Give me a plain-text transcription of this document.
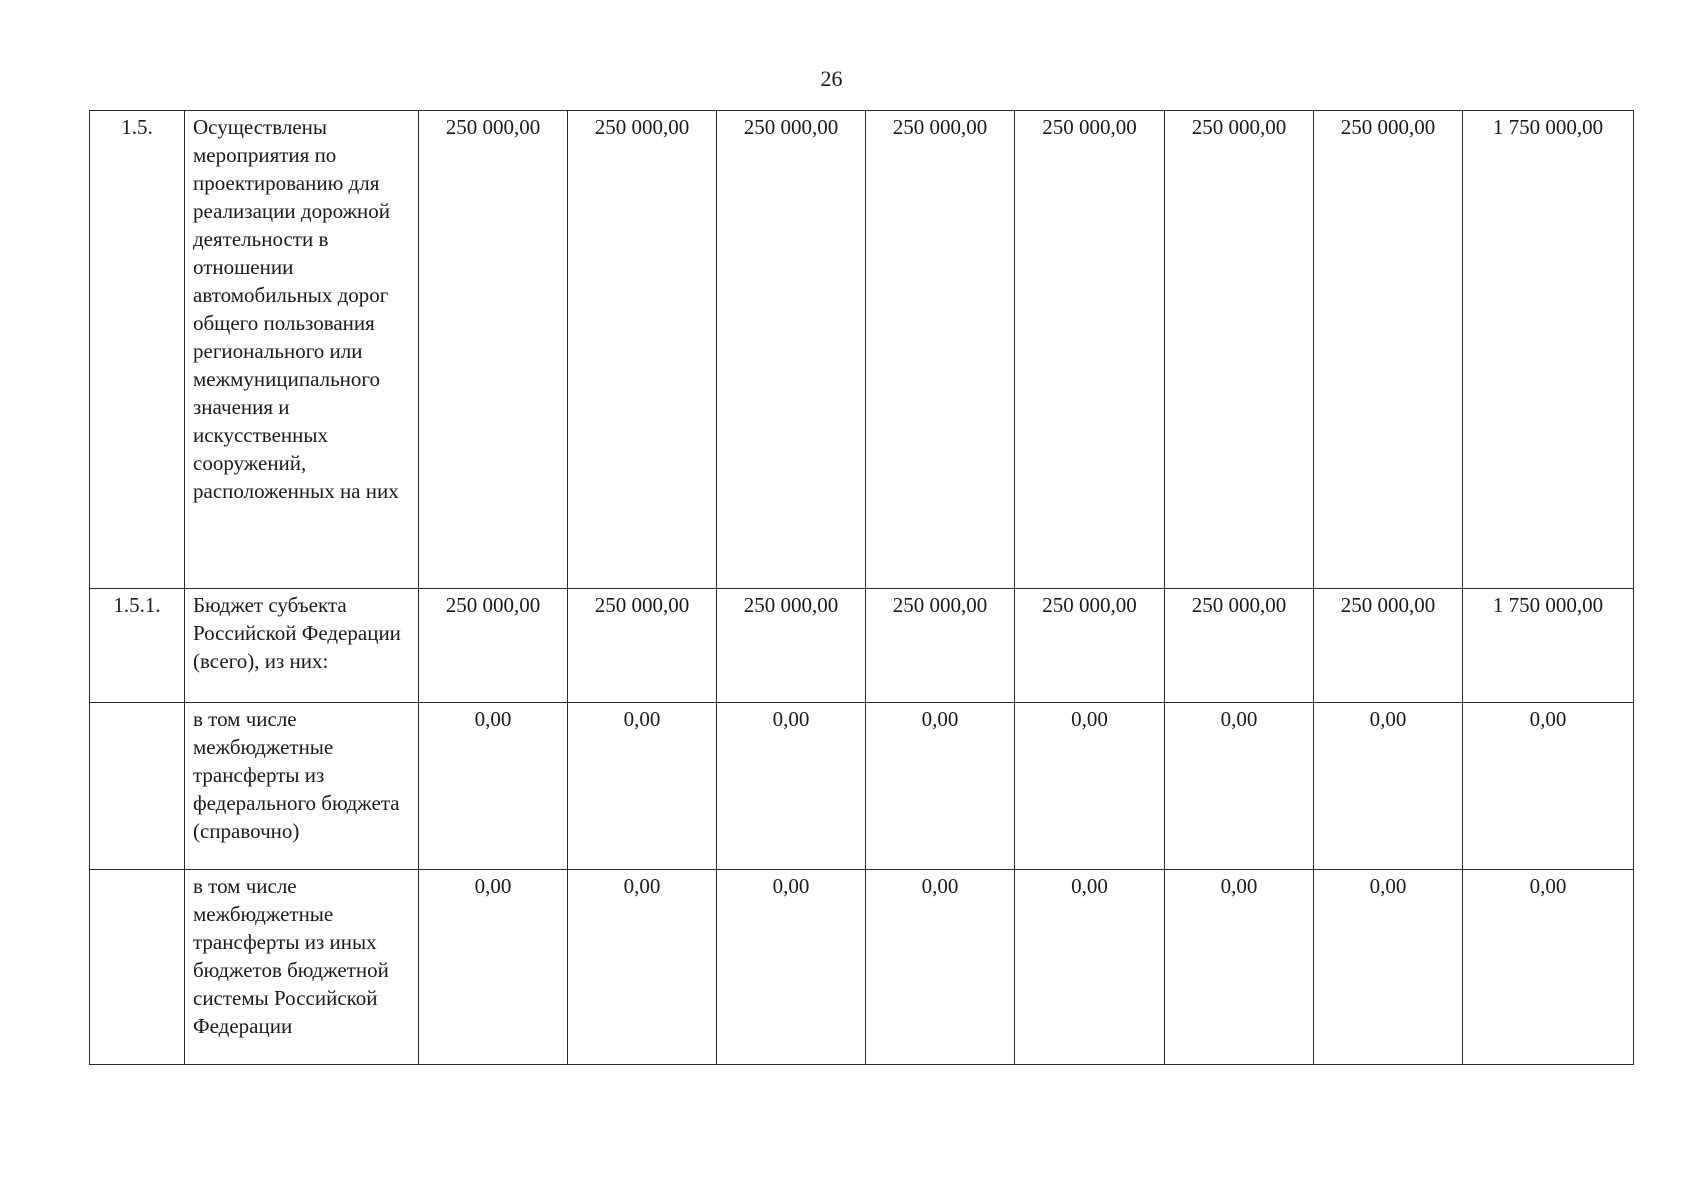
26
1.5.	Осуществлены мероприятия по проектированию для реализации дорожной деятельности в отношении автомобильных дорог общего пользования регионального или межмуниципального значения и искусственных сооружений, расположенных на них	250 000,00	250 000,00	250 000,00	250 000,00	250 000,00	250 000,00	250 000,00	1 750 000,00
1.5.1.	Бюджет субъекта Российской Федерации (всего), из них:	250 000,00	250 000,00	250 000,00	250 000,00	250 000,00	250 000,00	250 000,00	1 750 000,00
	в том числе межбюджетные трансферты из федерального бюджета (справочно)	0,00	0,00	0,00	0,00	0,00	0,00	0,00	0,00
	в том числе межбюджетные трансферты из иных бюджетов бюджетной системы Российской Федерации	0,00	0,00	0,00	0,00	0,00	0,00	0,00	0,00
